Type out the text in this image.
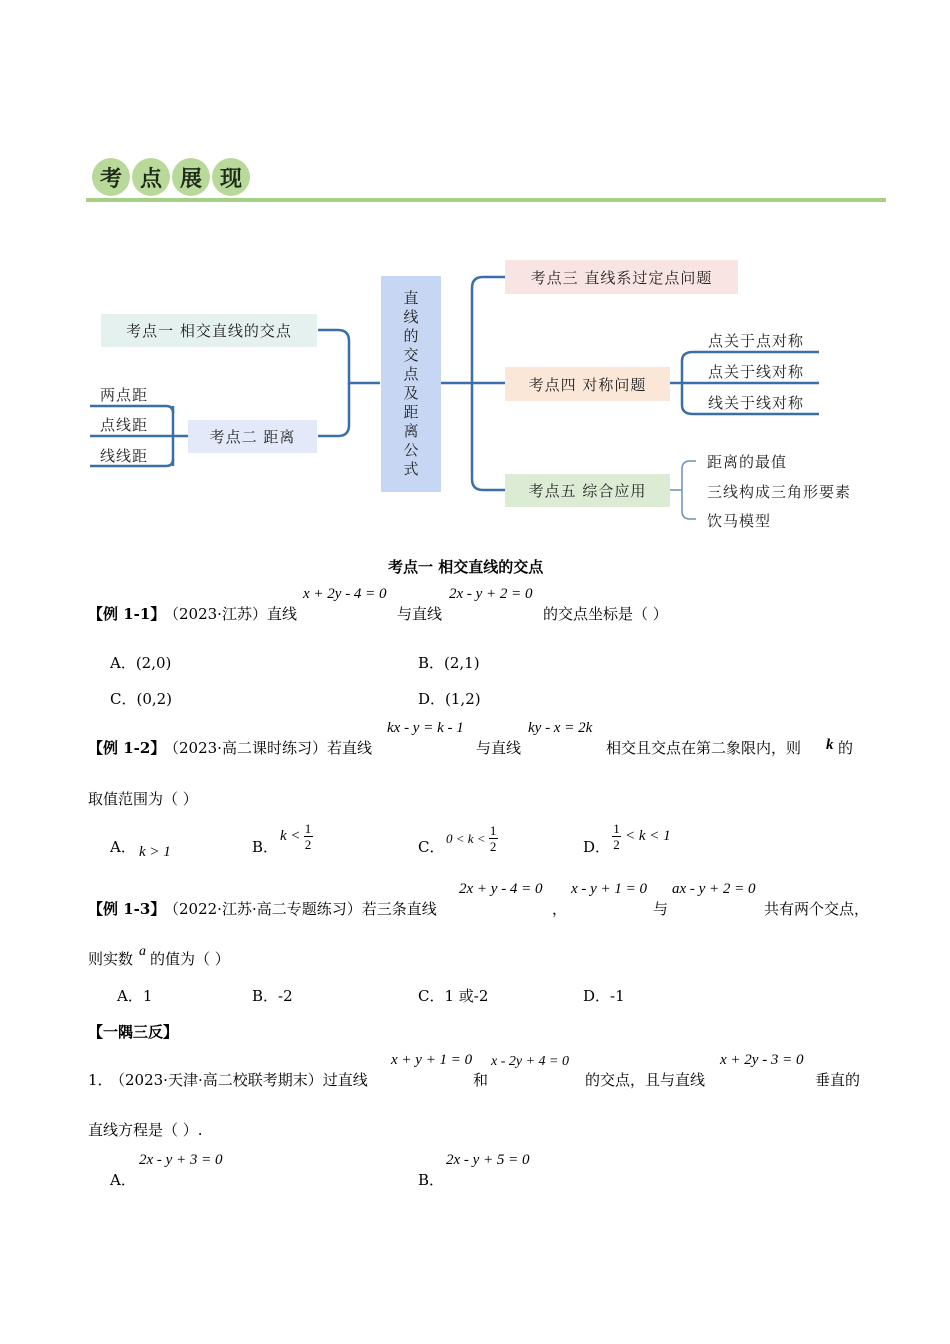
考 点 展 现
考点一 相交直线的交点
考点二 距离
两点距
点线距
线线距
直线的交点及距离公式
考点三 直线系过定点问题
考点四 对称问题
点关于点对称
点关于线对称
线关于线对称
考点五 综合应用
距离的最值
三线构成三角形要素
饮马模型
考点一 相交直线的交点
【例 1-1】
（2023·江苏）直线
x + 2y - 4 = 0
与直线
2x - y + 2 = 0
的交点坐标是（ ）
A．(2,0)	B．(2,1)
C．(0,2)	D．(1,2)
【例 1-2】
（2023·高二课时练习）若直线
kx - y = k - 1
与直线
ky - x = 2k
相交且交点在第二象限内，则 k 的
取值范围为（ ）
A． k > 1	B．
$k < \frac{1}{2}$	C． $0 < k < \frac{1}{2}$	D． $\frac{1}{2} < k < 1$
【例 1-3】
（2022·江苏·高二专题练习）若三条直线
2x + y - 4 = 0
，
x - y + 1 = 0
与
ax - y + 2 = 0
共有两个交点，
则实数 a 的值为（ ）
A．1	B．-2	C．1 或-2	D．-1
【一隅三反】
1．
（2023·天津·高二校联考期末）过直线
x + y + 1 = 0
和
x - 2y + 4 = 0
的交点，且与直线
x + 2y - 3 = 0
垂直的
直线方程是（ ）.
A．
2x - y + 3 = 0
B．
2x - y + 5 = 0
